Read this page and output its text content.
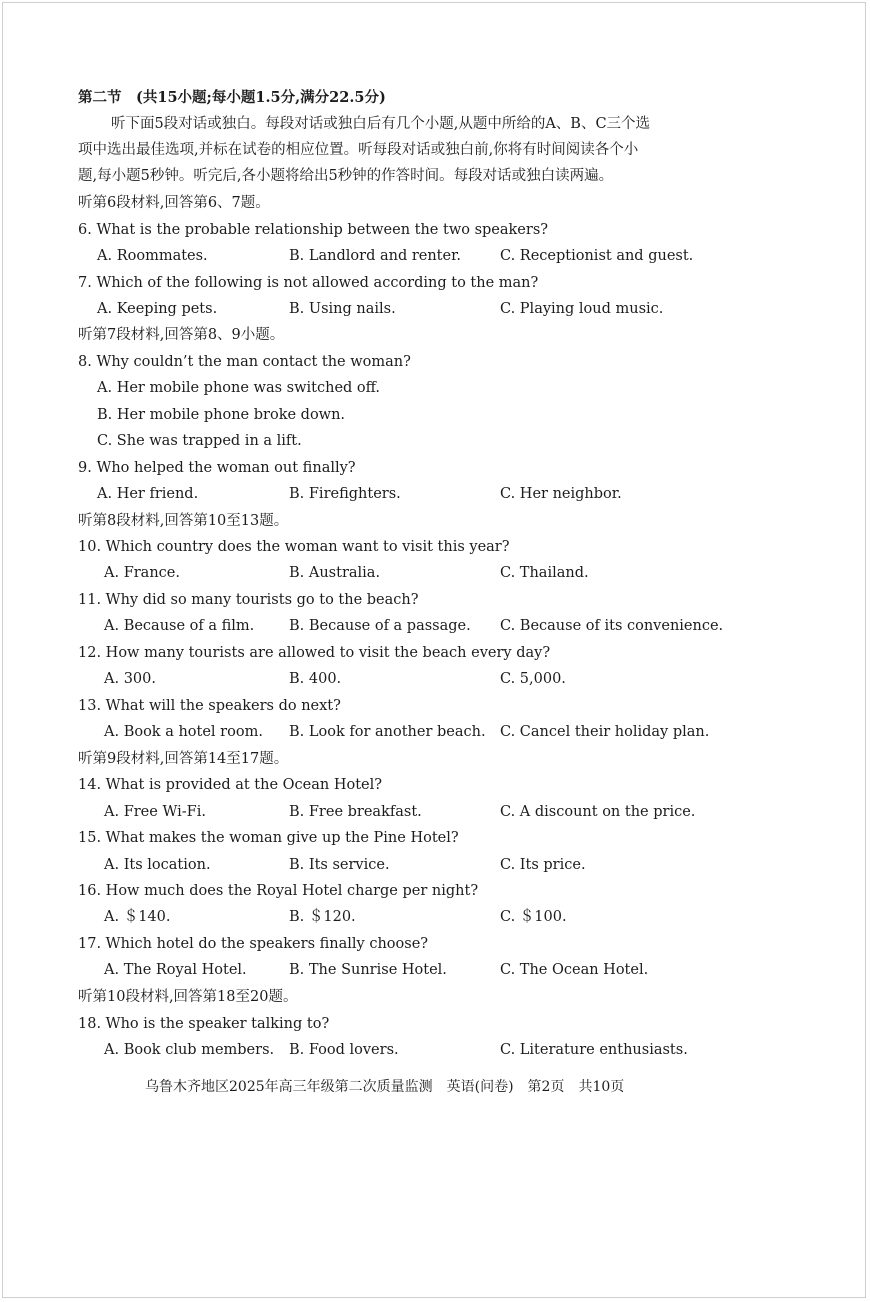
第二节　(共15小题;每小题1.5分,满分22.5分)
听下面5段对话或独白。每段对话或独白后有几个小题,从题中所给的A、B、C三个选
项中选出最佳选项,并标在试卷的相应位置。听每段对话或独白前,你将有时间阅读各个小
题,每小题5秒钟。听完后,各小题将给出5秒钟的作答时间。每段对话或独白读两遍。
听第6段材料,回答第6、7题。
6. What is the probable relationship between the two speakers?
A. Roommates.	B. Landlord and renter.	C. Receptionist and guest.
7. Which of the following is not allowed according to the man?
A. Keeping pets.	B. Using nails.	C. Playing loud music.
听第7段材料,回答第8、9小题。
8. Why couldn’t the man contact the woman?
A. Her mobile phone was switched off.
B. Her mobile phone broke down.
C. She was trapped in a lift.
9. Who helped the woman out finally?
A. Her friend.	B. Firefighters.	C. Her neighbor.
听第8段材料,回答第10至13题。
10. Which country does the woman want to visit this year?
A. France.	B. Australia.	C. Thailand.
11. Why did so many tourists go to the beach?
A. Because of a film. B. Because of a passage. C. Because of its convenience.
12. How many tourists are allowed to visit the beach every day?
A. 300.	B. 400.	C. 5,000.
13. What will the speakers do next?
A. Book a hotel room. B. Look for another beach. C. Cancel their holiday plan.
听第9段材料,回答第14至17题。
14. What is provided at the Ocean Hotel?
A. Free Wi-Fi.	B. Free breakfast.	C. A discount on the price.
15. What makes the woman give up the Pine Hotel?
A. Its location.	B. Its service.	C. Its price.
16. How much does the Royal Hotel charge per night?
A. ＄140.	B. ＄120.	C. ＄100.
17. Which hotel do the speakers finally choose?
A. The Royal Hotel.	B. The Sunrise Hotel.	C. The Ocean Hotel.
听第10段材料,回答第18至20题。
18. Who is the speaker talking to?
A. Book club members. B. Food lovers.	C. Literature enthusiasts.
乌鲁木齐地区2025年高三年级第二次质量监测　英语(问卷)　第2页　共10页
